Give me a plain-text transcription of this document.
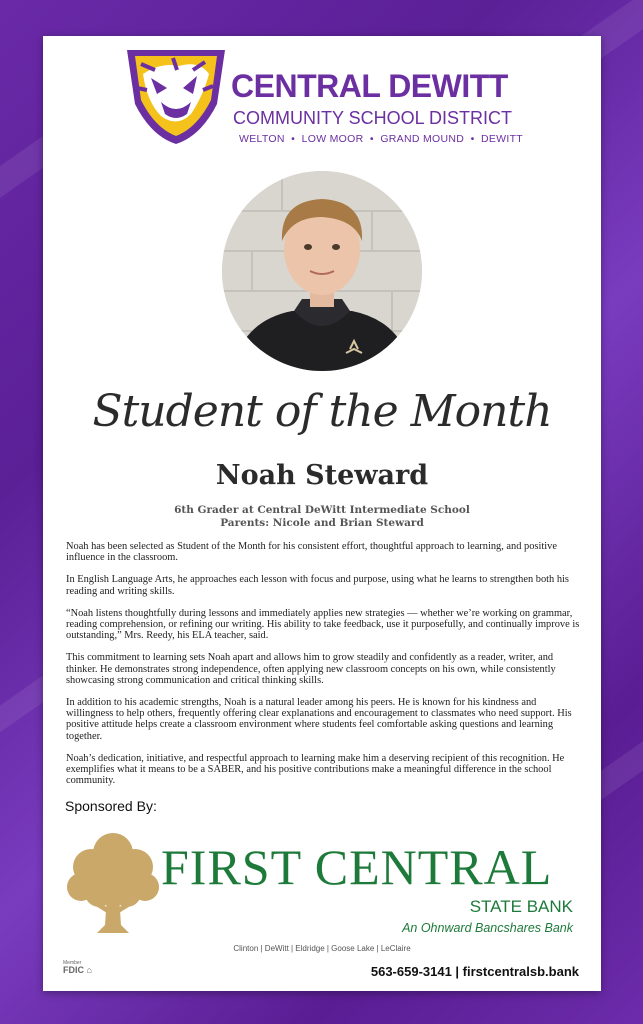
CENTRAL DEWITT
COMMUNITY SCHOOL DISTRICT
WELTON  •  LOW MOOR  •  GRAND MOUND  •  DEWITT
Student of the Month
Noah Steward
6th Grader at Central DeWitt Intermediate School
Parents: Nicole and Brian Steward

Noah has been selected as Student of the Month for his consistent effort, thoughtful approach to learning, and positive influence in the classroom.

In English Language Arts, he approaches each lesson with focus and purpose, using what he learns to strengthen both his reading and writing skills.

“Noah listens thoughtfully during lessons and immediately applies new strategies — whether we’re working on grammar, reading comprehension, or refining our writing. His ability to take feedback, use it purposefully, and continually improve is outstanding,” Mrs. Reedy, his ELA teacher, said.

This commitment to learning sets Noah apart and allows him to grow steadily and confidently as a reader, writer, and thinker. He demonstrates strong independence, often applying new classroom concepts on his own, while consistently showcasing strong communication and critical thinking skills.

In addition to his academic strengths, Noah is a natural leader among his peers. He is known for his kindness and willingness to help others, frequently offering clear explanations and encouragement to classmates who need support. His positive attitude helps create a classroom environment where students feel comfortable asking questions and learning together.

Noah’s dedication, initiative, and respectful approach to learning make him a deserving recipient of this recognition. He exemplifies what it means to be a SABER, and his positive contributions make a meaningful difference in the school community.

Sponsored By:
FIRST CENTRAL
STATE BANK
An Ohnward Bancshares Bank
Clinton | DeWitt | Eldridge | Goose Lake | LeClaire
Member
FDIC ⌂	563-659-3141 | firstcentralsb.bank
